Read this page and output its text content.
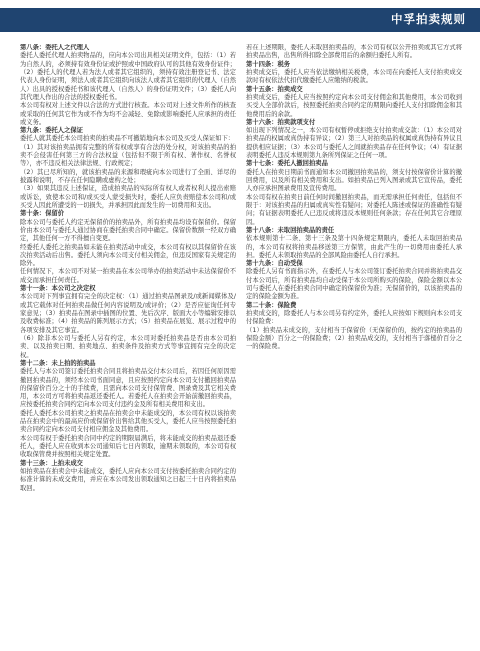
中孚拍卖规则

第八条：委托人之代理人

委托人委托代理人拍卖物品的，应向本公司出具相关证明文件，包括：（1）若为自然人的，必须持有效身份证或护照或中国政府认可的其他有效身份证件；（2）委托人的代理人若为法人或者其它组织的，须持有效注册登记书、法定代表人身份证明，须法人或者其它组织向该法人或者其它组织的代理人（自然人）出具的授权委托书和该代理人（自然人）的身份证明文件；（3）委托人向其代理人作出的合法的授权委托书。

本公司有权对上述文件以合法的方式进行核查。本公司对上述文件所作的核查或采取的任何其它作为或不作为均不会减轻、免除或影响委托人应承担的责任或义务。

第九条：委托人之保证

委托人就其委托本公司拍卖的拍卖品不可撤销地向本公司及买受人保证如下：

（1）其对该拍卖品拥有完整的所有权或享有合法的处分权，对该拍卖品的拍卖不会侵害任何第三方的合法权益（包括但不限于所有权、著作权、名誉权等），亦不违反相关法律法规、行政规定；

（2）其已尽所知的，就该拍卖品的来源和瑕疵向本公司进行了全面、详尽的披露和说明，不存在任何隐瞒或虚构之处；

（3）如果其违反上述保证，造成拍卖品的实际所有权人或者权利人提出索赔或诉讼，致使本公司和/或买受人蒙受损失时，委托人应负责赔偿本公司和/或买受人因此所遭受的一切损失，并承担因此而发生的一切费用和支出。

第十条：保留价

除本公司与委托人约定无保留价的拍卖品外，所有拍卖品均设有保留价。保留价由本公司与委托人通过协商在委托拍卖合同中确定。保留价数额一经双方确定，其他任何一方不得擅自变更。

经委托人委托之拍卖品如未能在拍卖活动中成交，本公司有权以其保留价在该次拍卖活动后出售。委托人须向本公司支付相关佣金，但违反国家有关规定的除外。

任何情况下，本公司不对某一拍卖品在本公司举办的拍卖活动中未达保留价不成交而承担任何责任。

第十一条：本公司之决定权

本公司对下列事宜拥有完全的决定权：（1）通过拍卖品图录及/或新闻媒体及/或其它载体对任何拍卖品做任何内容说明及/或评价；（2）是否应征询任何专家意见；（3）拍卖品在图录中插图的位置、先后次序、版面大小等编辑安排以及收费标准；（4）拍卖品的陈列展示方式；（5）拍卖品在展览、展示过程中的各项安排及其它事宜。

（6）除非本公司与委托人另有约定，本公司对委托拍卖品是否由本公司拍卖、以及拍卖日期、拍卖地点、拍卖条件及拍卖方式等事宜拥有完全的决定权。

第十二条：未上拍的拍卖品

委托人与本公司签订委托拍卖合同且将拍卖品交付本公司后，若因任何原因需撤回拍卖品的，须经本公司书面同意，且应按照约定向本公司支付撤回拍卖品的保留价百分之十的手续费，且需向本公司支付保管费、图录费及其它相关费用，本公司方可将拍卖品返还委托人。若委托人在拍卖会开始前撤回拍卖品，应按委托拍卖合同约定向本公司支付违约金及所有相关费用和支出。

委托人委托本公司拍卖之拍卖品在拍卖会中未能成交的，本公司有权以该拍卖品在拍卖会中的最高应价或保留价出售给其他买受人，委托人应当按照委托拍卖合同约定向本公司支付相应佣金及其他费用。

本公司有权于委托拍卖合同中约定的期限届满后，将未能成交的拍卖品退还委托人，委托人应在收到本公司通知后七日内领取，逾期未领取的，本公司有权收取保管费并按照相关规定处置。

第十三条：上拍未成交

如拍卖品在拍卖会中未能成交，委托人应向本公司支付按委托拍卖合同约定的标准计算的未成交费用，并应在本公司发出领取通知之日起三十日内将拍卖品取回。

若在上述期限，委托人未取回拍卖品的，本公司有权以公开拍卖或其它方式将拍卖品出售，出售所得扣除全部费用后的余额归委托人所有。

第十四条：税务

拍卖成交后，委托人应当依法缴纳相关税费，本公司在向委托人支付拍卖成交款时有权依法代扣代缴委托人应缴纳的税款。

第十五条：拍卖成交

拍卖成交后，委托人应当按照约定向本公司支付佣金和其他费用，本公司收到买受人全部价款后，按照委托拍卖合同约定的期限向委托人支付扣除佣金和其他费用后的余款。

第十六条：拍卖款项支付

如出现下列情况之一，本公司有权暂停或拒绝支付拍卖成交款：（1）本公司对拍卖品的权属或真伪持有异议；（2）第三人对拍卖品的权属或真伪持有异议且提供相应证据；（3）本公司与委托人之间就拍卖品存在任何争议；（4）有证据表明委托人违反本规则第九条所列保证之任何一项。

第十七条：委托人撤回拍卖品

委托人在拍卖日期前书面通知本公司撤回拍卖品的，须支付按保留价计算的撤回费用，以及所有相关费用和支出。如拍卖品已列入图录或其它宣传品，委托人亦应承担图录费用及宣传费用。

本公司有权在拍卖日前任何时间撤回拍卖品，而无需承担任何责任，包括但不限于：对该拍卖品的归属或真实性有疑问；对委托人陈述或保证的准确性有疑问；有证据表明委托人已违反或将违反本规则任何条款；存在任何其它合理原因。

第十八条：未取回拍卖品的责任

依本规则第十二条、第十三条及第十四条规定期限内，委托人未取回拍卖品的，本公司有权将拍卖品移送第三方保管，由此产生的一切费用由委托人承担。委托人未领取拍卖品的全部风险由委托人自行承担。

第十九条：自动受保

除委托人另有书面指示外，在委托人与本公司签订委托拍卖合同并将拍卖品交付本公司后，所有拍卖品均自动受保于本公司所购买的保险，保险金额以本公司与委托人在委托拍卖合同中确定的保留价为准；无保留价的，以该拍卖品的定的保险金额为准。

第二十条：保险费

拍卖成交的，除委托人与本公司另有约定外，委托人应按如下规则向本公司支付保险费：

（1）拍卖品未成交的，支付相当于保留价（无保留价的，按约定的拍卖品的保险金额）百分之一的保险费；（2）拍卖品成交的，支付相当于落槌价百分之一的保险费。
